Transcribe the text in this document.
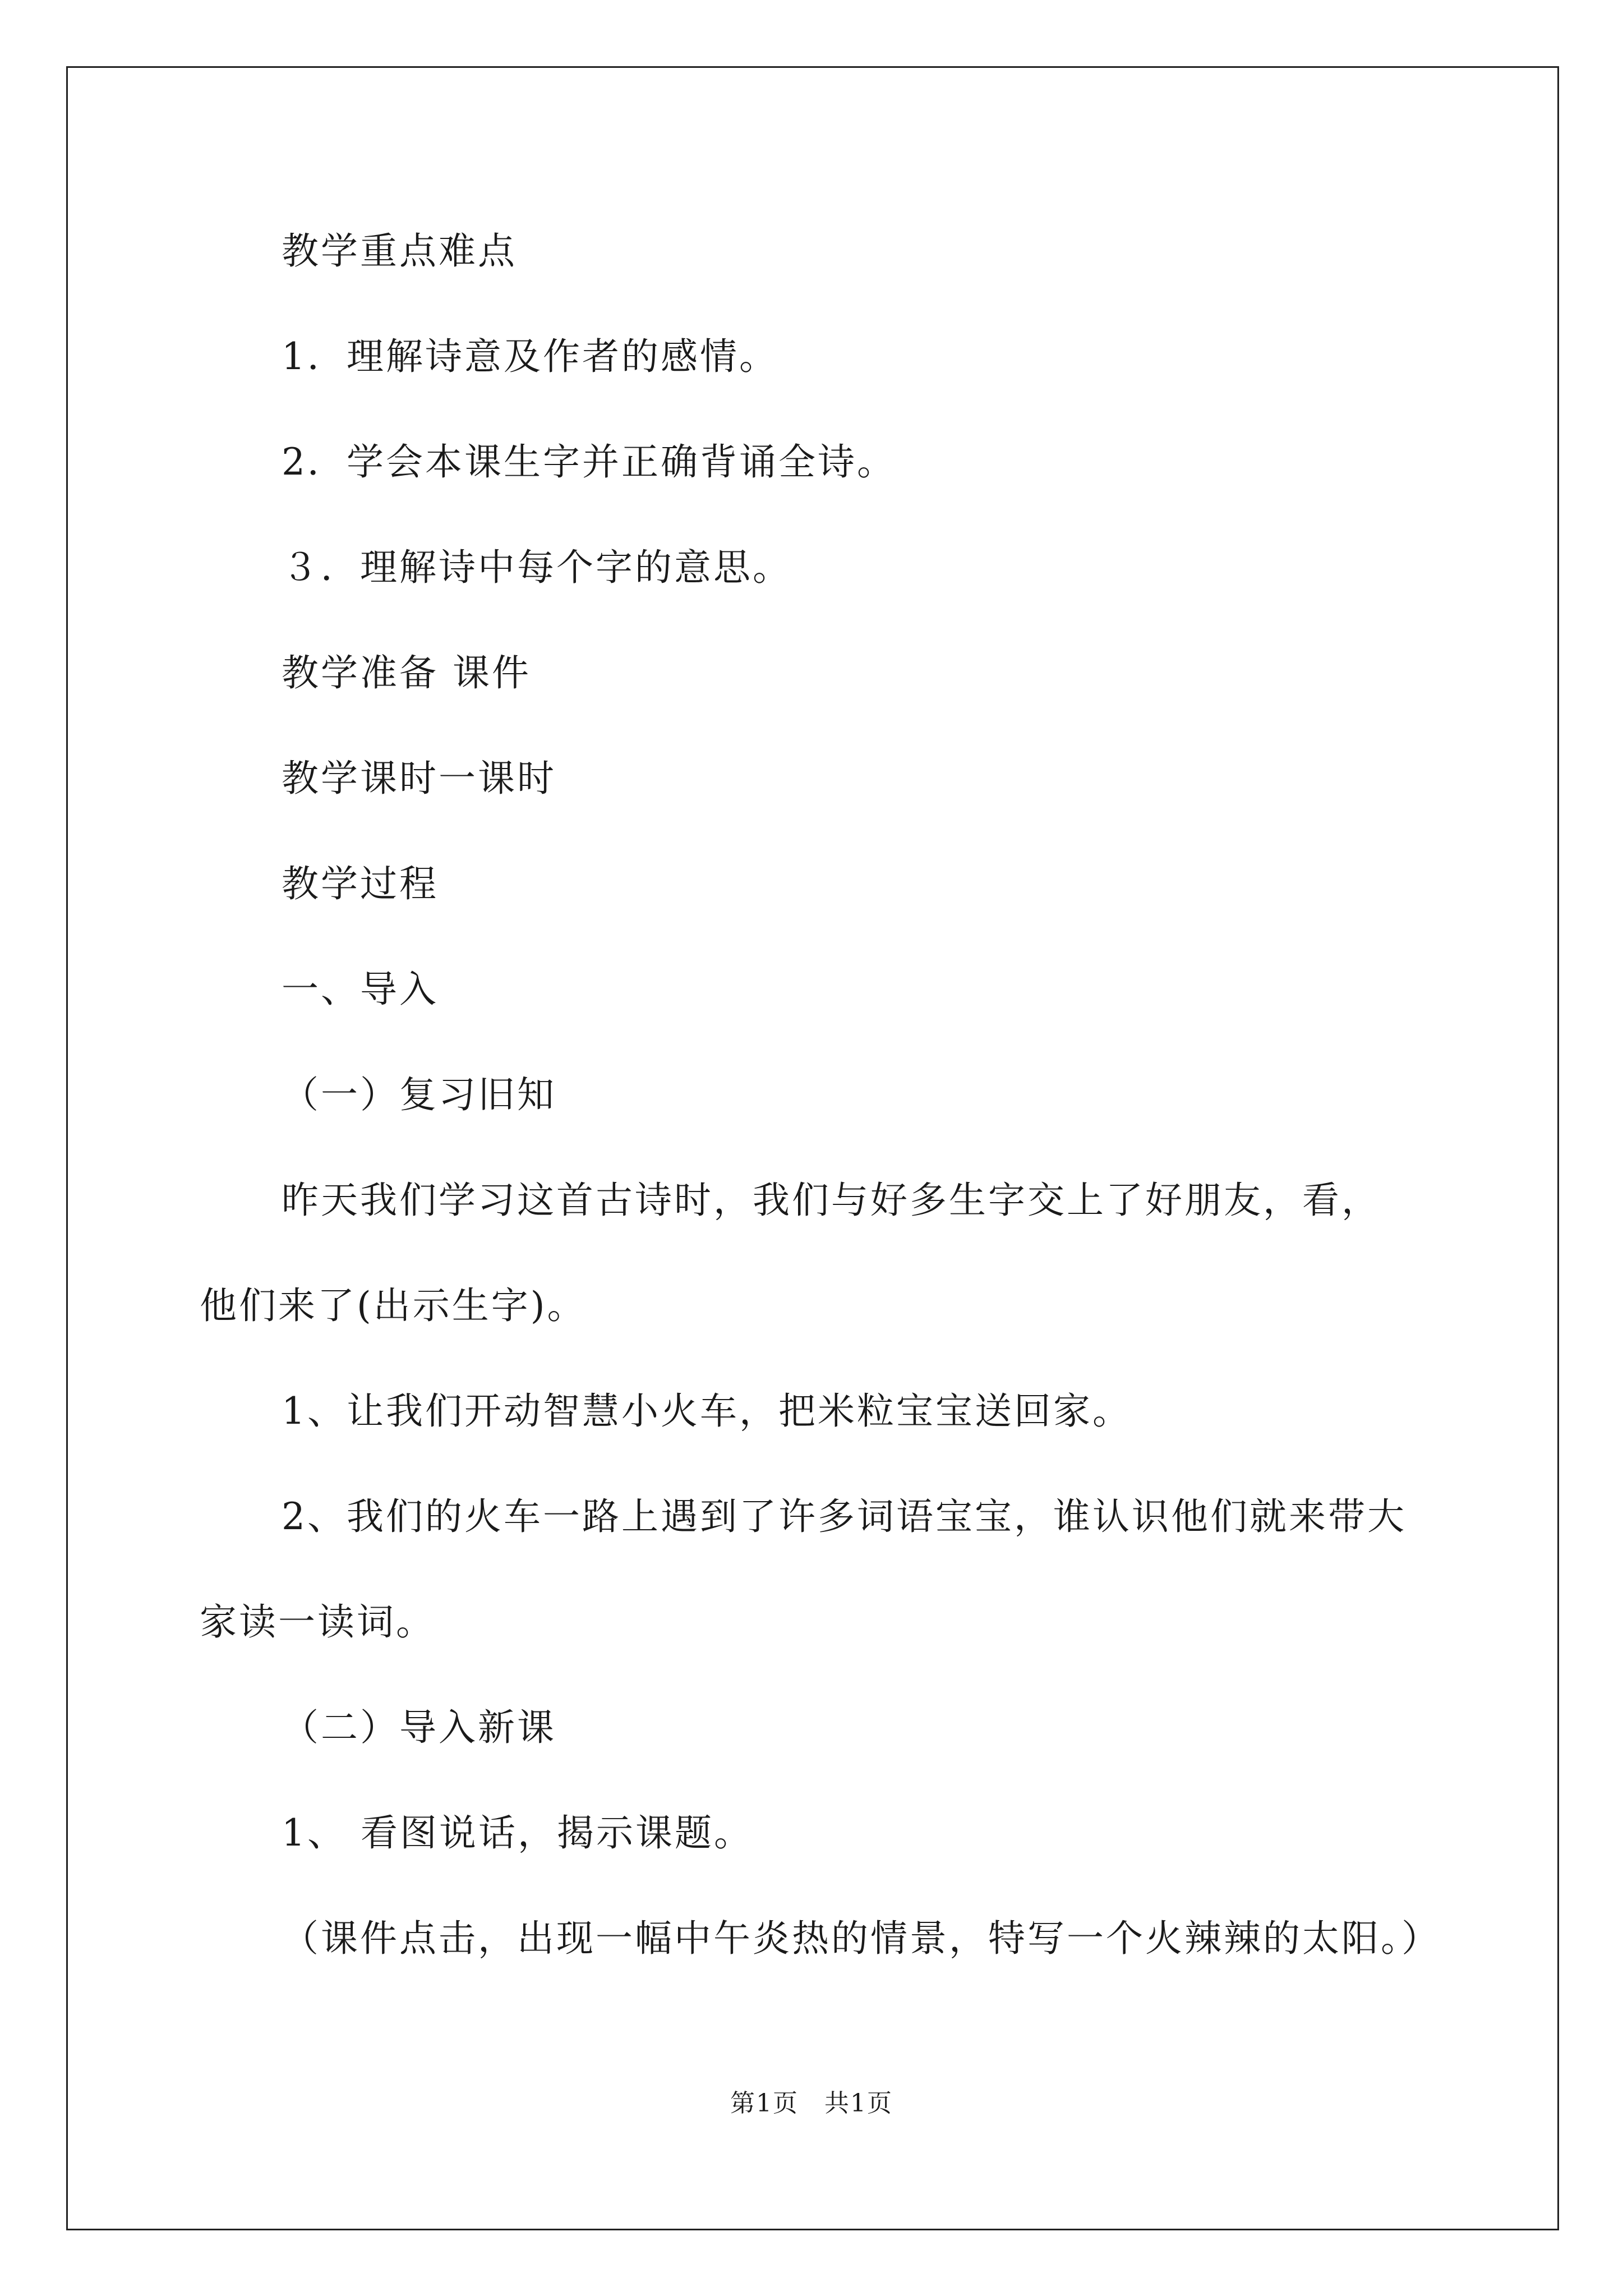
教学重点难点
1．理解诗意及作者的感情。
2．学会本课生字并正确背诵全诗。
３．理解诗中每个字的意思。
教学准备 课件
教学课时一课时
教学过程
一、导入
（一）复习旧知
昨天我们学习这首古诗时，我们与好多生字交上了好朋友，看，
他们来了(出示生字)。
1、让我们开动智慧小火车，把米粒宝宝送回家。
2、我们的火车一路上遇到了许多词语宝宝，谁认识他们就来带大
家读一读词。
（二）导入新课
1、 看图说话，揭示课题。
（课件点击，出现一幅中午炎热的情景，特写一个火辣辣的太阳。）
第1页　共1页
